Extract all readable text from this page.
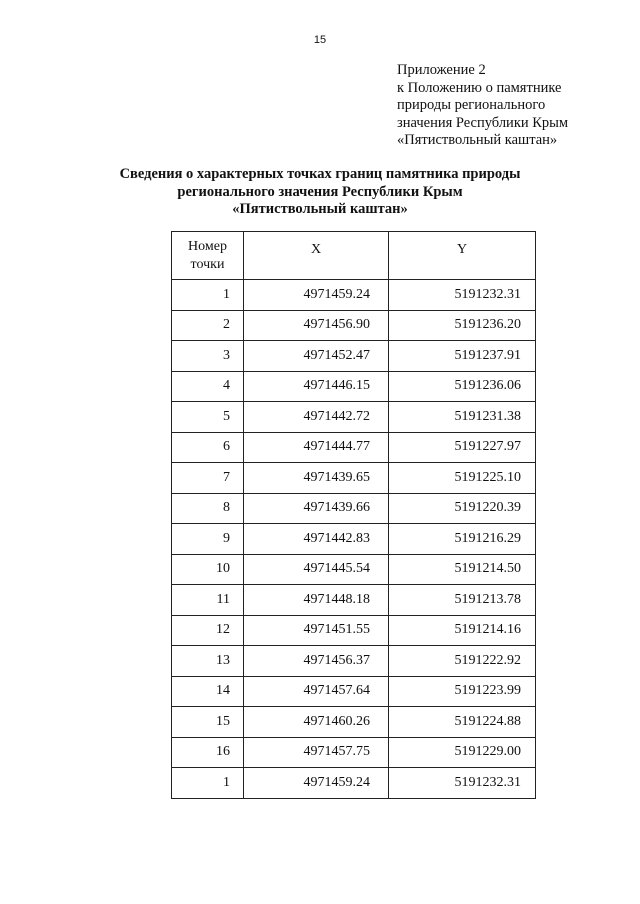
15
Приложение 2
к Положению о памятнике
природы регионального
значения Республики Крым
«Пятиствольный каштан»
Сведения о характерных точках границ памятника природы
регионального значения Республики Крым
«Пятиствольный каштан»
Номер
точки	X	Y
1	4971459.24	5191232.31
2	4971456.90	5191236.20
3	4971452.47	5191237.91
4	4971446.15	5191236.06
5	4971442.72	5191231.38
6	4971444.77	5191227.97
7	4971439.65	5191225.10
8	4971439.66	5191220.39
9	4971442.83	5191216.29
10	4971445.54	5191214.50
11	4971448.18	5191213.78
12	4971451.55	5191214.16
13	4971456.37	5191222.92
14	4971457.64	5191223.99
15	4971460.26	5191224.88
16	4971457.75	5191229.00
1	4971459.24	5191232.31
